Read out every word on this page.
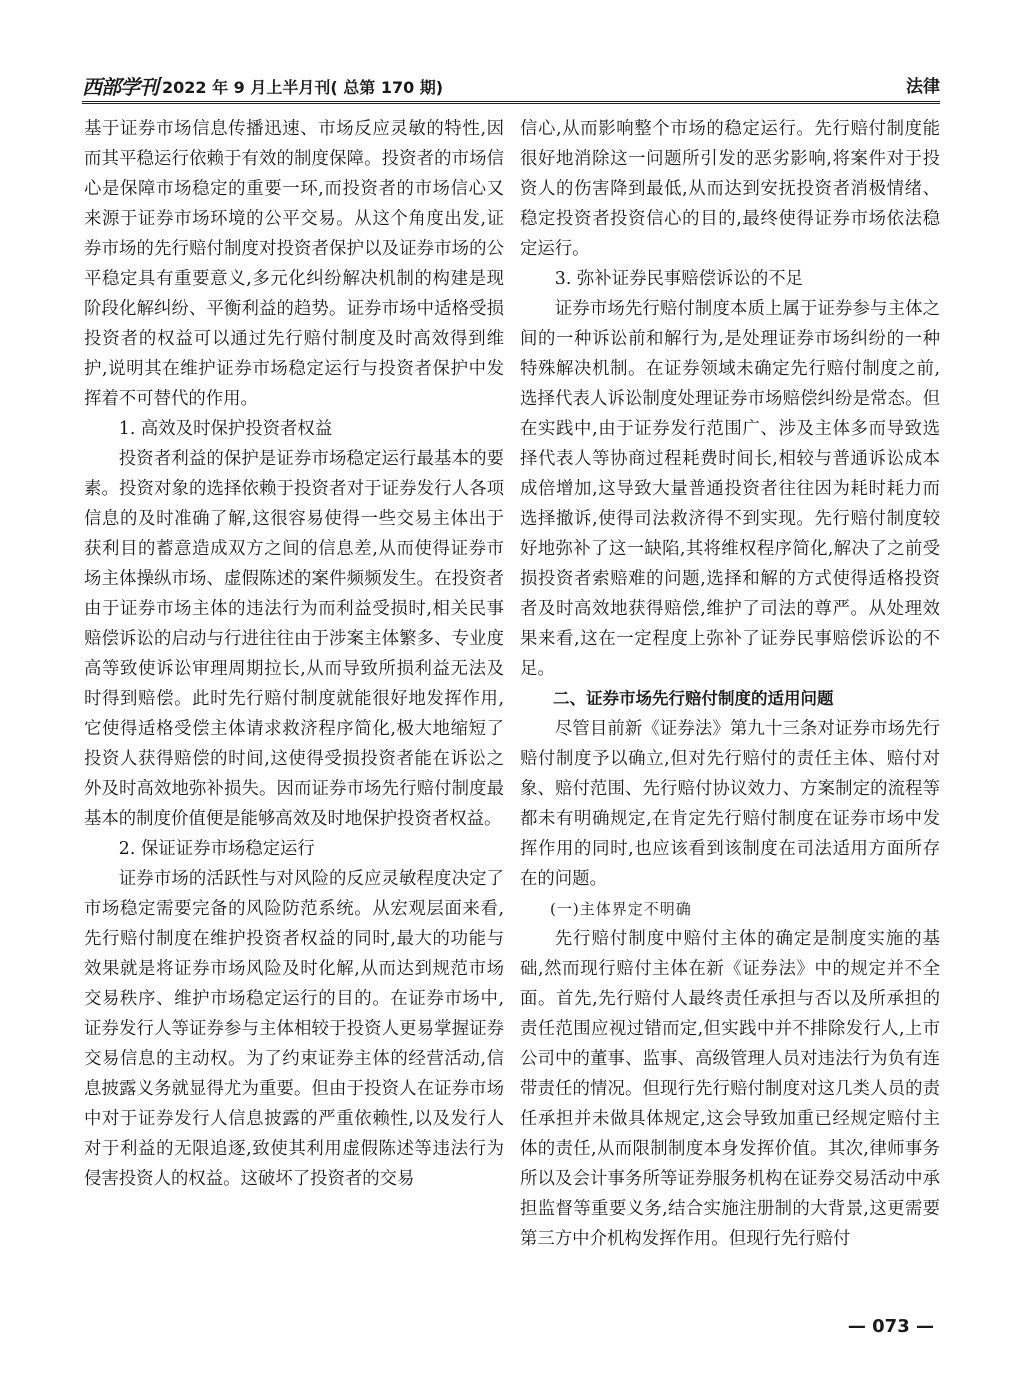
西部学刊 2022 年 9 月上半月刊( 总第 170 期)	法律

基于证券市场信息传播迅速、市场反应灵敏的特性,因而其平稳运行依赖于有效的制度保障。投资者的市场信心是保障市场稳定的重要一环,而投资者的市场信心又来源于证券市场环境的公平交易。从这个角度出发,证券市场的先行赔付制度对投资者保护以及证券市场的公平稳定具有重要意义,多元化纠纷解决机制的构建是现阶段化解纠纷、平衡利益的趋势。证券市场中适格受损投资者的权益可以通过先行赔付制度及时高效得到维护,说明其在维护证券市场稳定运行与投资者保护中发挥着不可替代的作用。

1. 高效及时保护投资者权益

投资者利益的保护是证券市场稳定运行最基本的要素。投资对象的选择依赖于投资者对于证券发行人各项信息的及时准确了解,这很容易使得一些交易主体出于获利目的蓄意造成双方之间的信息差,从而使得证券市场主体操纵市场、虚假陈述的案件频频发生。在投资者由于证券市场主体的违法行为而利益受损时,相关民事赔偿诉讼的启动与行进往往由于涉案主体繁多、专业度高等致使诉讼审理周期拉长,从而导致所损利益无法及时得到赔偿。此时先行赔付制度就能很好地发挥作用,它使得适格受偿主体请求救济程序简化,极大地缩短了投资人获得赔偿的时间,这使得受损投资者能在诉讼之外及时高效地弥补损失。因而证券市场先行赔付制度最基本的制度价值便是能够高效及时地保护投资者权益。

2. 保证证券市场稳定运行

证券市场的活跃性与对风险的反应灵敏程度决定了市场稳定需要完备的风险防范系统。从宏观层面来看,先行赔付制度在维护投资者权益的同时,最大的功能与效果就是将证券市场风险及时化解,从而达到规范市场交易秩序、维护市场稳定运行的目的。在证券市场中,证券发行人等证券参与主体相较于投资人更易掌握证券交易信息的主动权。为了约束证券主体的经营活动,信息披露义务就显得尤为重要。但由于投资人在证券市场中对于证券发行人信息披露的严重依赖性,以及发行人对于利益的无限追逐,致使其利用虚假陈述等违法行为侵害投资人的权益。这破坏了投资者的交易

信心,从而影响整个市场的稳定运行。先行赔付制度能很好地消除这一问题所引发的恶劣影响,将案件对于投资人的伤害降到最低,从而达到安抚投资者消极情绪、稳定投资者投资信心的目的,最终使得证券市场依法稳定运行。

3. 弥补证券民事赔偿诉讼的不足

证券市场先行赔付制度本质上属于证券参与主体之间的一种诉讼前和解行为,是处理证券市场纠纷的一种特殊解决机制。在证券领域未确定先行赔付制度之前,选择代表人诉讼制度处理证券市场赔偿纠纷是常态。但在实践中,由于证券发行范围广、涉及主体多而导致选择代表人等协商过程耗费时间长,相较与普通诉讼成本成倍增加,这导致大量普通投资者往往因为耗时耗力而选择撤诉,使得司法救济得不到实现。先行赔付制度较好地弥补了这一缺陷,其将维权程序简化,解决了之前受损投资者索赔难的问题,选择和解的方式使得适格投资者及时高效地获得赔偿,维护了司法的尊严。从处理效果来看,这在一定程度上弥补了证券民事赔偿诉讼的不足。

二、证券市场先行赔付制度的适用问题

尽管目前新《证券法》第九十三条对证券市场先行赔付制度予以确立,但对先行赔付的责任主体、赔付对象、赔付范围、先行赔付协议效力、方案制定的流程等都未有明确规定,在肯定先行赔付制度在证券市场中发挥作用的同时,也应该看到该制度在司法适用方面所存在的问题。

(一)主体界定不明确

先行赔付制度中赔付主体的确定是制度实施的基础,然而现行赔付主体在新《证券法》中的规定并不全面。首先,先行赔付人最终责任承担与否以及所承担的责任范围应视过错而定,但实践中并不排除发行人,上市公司中的董事、监事、高级管理人员对违法行为负有连带责任的情况。但现行先行赔付制度对这几类人员的责任承担并未做具体规定,这会导致加重已经规定赔付主体的责任,从而限制制度本身发挥价值。其次,律师事务所以及会计事务所等证券服务机构在证券交易活动中承担监督等重要义务,结合实施注册制的大背景,这更需要第三方中介机构发挥作用。但现行先行赔付

— 073 —
